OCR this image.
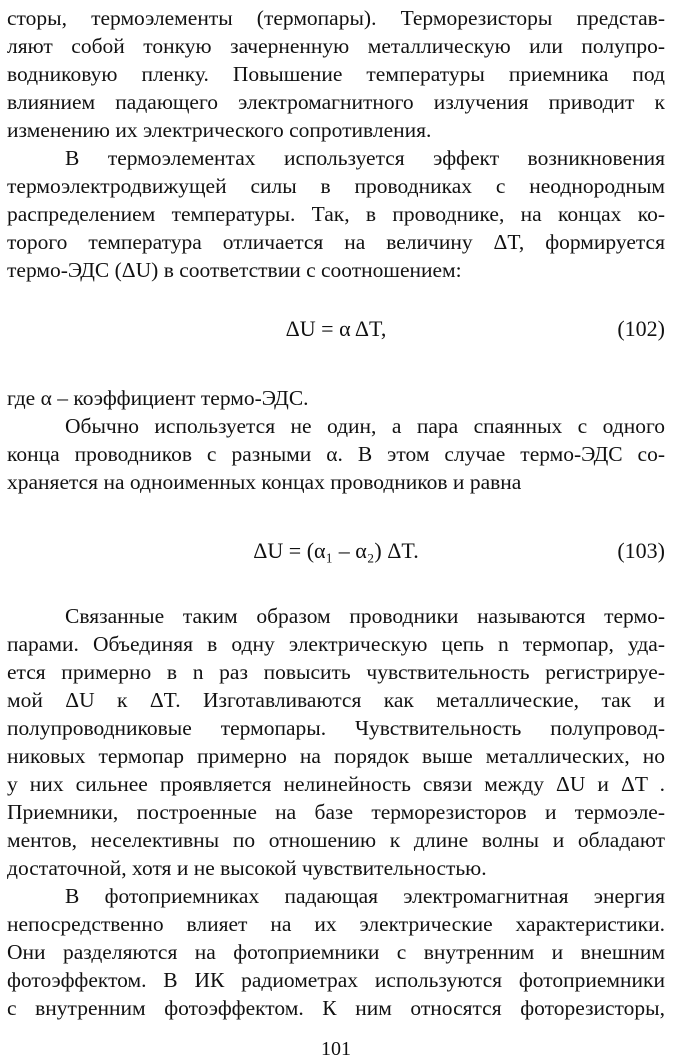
сторы, термоэлементы (термопары). Терморезисторы представ-
ляют собой тонкую зачерненную металлическую или полупро-
водниковую пленку. Повышение температуры приемника под
влиянием падающего электромагнитного излучения приводит к
изменению их электрического сопротивления.
В термоэлементах используется эффект возникновения
термоэлектродвижущей силы в проводниках с неоднородным
распределением температуры. Так, в проводнике, на концах ко-
торого температура отличается на величину ΔT, формируется
термо-ЭДС (ΔU) в соответствии с соотношением:
ΔU = α ΔT,	(102)
где α – коэффициент термо-ЭДС.
Обычно используется не один, а пара спаянных с одного
конца проводников с разными α. В этом случае термо-ЭДС со-
храняется на одноименных концах проводников и равна
ΔU = (α₁ – α₂) ΔT.	(103)
Связанные таким образом проводники называются термо-
парами. Объединяя в одну электрическую цепь n термопар, уда-
ется примерно в n раз повысить чувствительность регистрируе-
мой ΔU к ΔT. Изготавливаются как металлические, так и
полупроводниковые термопары. Чувствительность полупровод-
никовых термопар примерно на порядок выше металлических, но
у них сильнее проявляется нелинейность связи между ΔU и ΔT .
Приемники, построенные на базе терморезисторов и термоэле-
ментов, неселективны по отношению к длине волны и обладают
достаточной, хотя и не высокой чувствительностью.
В фотоприемниках падающая электромагнитная энергия
непосредственно влияет на их электрические характеристики.
Они разделяются на фотоприемники с внутренним и внешним
фотоэффектом. В ИК радиометрах используются фотоприемники
с внутренним фотоэффектом. К ним относятся фоторезисторы,
101
